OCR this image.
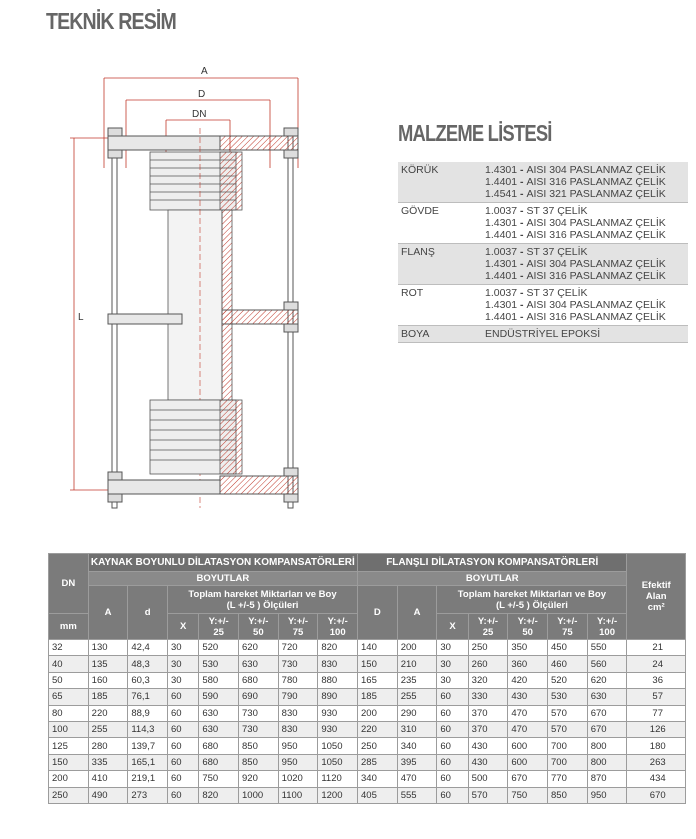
TEKNİK RESİM
A
D
DN
L
MALZEME LİSTESİ
KÖRÜK	1.4301 - AISI 304 PASLANMAZ ÇELİK
1.4401 - AISI 316 PASLANMAZ ÇELİK
1.4541 - AISI 321 PASLANMAZ ÇELİK

GÖVDE	1.0037 - ST 37 ÇELİK
1.4301 - AISI 304 PASLANMAZ ÇELİK
1.4401 - AISI 316 PASLANMAZ ÇELİK

FLANŞ	1.0037 - ST 37 ÇELİK
1.4301 - AISI 304 PASLANMAZ ÇELİK
1.4401 - AISI 316 PASLANMAZ ÇELİK

ROT	1.0037 - ST 37 ÇELİK
1.4301 - AISI 304 PASLANMAZ ÇELİK
1.4401 - AISI 316 PASLANMAZ ÇELİK

BOYA	ENDÜSTRİYEL EPOKSİ
DN	KAYNAK BOYUNLU DİLATASYON KOMPANSATÖRLERİ							FLANŞLI DİLATASYON KOMPANSATÖRLERİ							Efektif
Alan
cm²
	BOYUTLAR							BOYUTLAR							
	A	d	Toplam hareket Miktarları ve Boy
(L +/-5 ) Ölçüleri					D	A	Toplam hareket Miktarları ve Boy
(L +/-5 ) Ölçüleri					
mm			X	Y:+/-
25	Y:+/-
50	Y:+/-
75	Y:+/-
100			X	Y:+/-
25	Y:+/-
50	Y:+/-
75	Y:+/-
100	
32	130	42,4	30	520	620	720	820	140	200	30	250	350	450	550	21
40	135	48,3	30	530	630	730	830	150	210	30	260	360	460	560	24
50	160	60,3	30	580	680	780	880	165	235	30	320	420	520	620	36
65	185	76,1	60	590	690	790	890	185	255	60	330	430	530	630	57
80	220	88,9	60	630	730	830	930	200	290	60	370	470	570	670	77
100	255	114,3	60	630	730	830	930	220	310	60	370	470	570	670	126
125	280	139,7	60	680	850	950	1050	250	340	60	430	600	700	800	180
150	335	165,1	60	680	850	950	1050	285	395	60	430	600	700	800	263
200	410	219,1	60	750	920	1020	1120	340	470	60	500	670	770	870	434
250	490	273	60	820	1000	1100	1200	405	555	60	570	750	850	950	670
